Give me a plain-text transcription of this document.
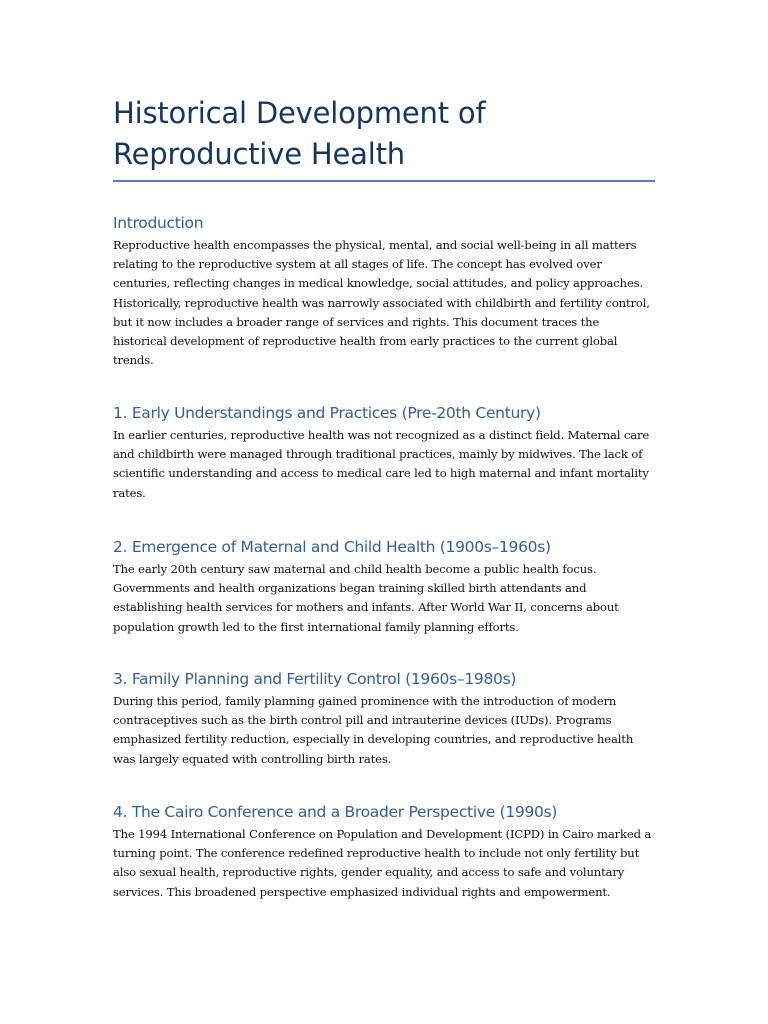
Historical Development of Reproductive Health
Introduction

Reproductive health encompasses the physical, mental, and social well-being in all matters relating to the reproductive system at all stages of life. The concept has evolved over centuries, reflecting changes in medical knowledge, social attitudes, and policy approaches. Historically, reproductive health was narrowly associated with childbirth and fertility control, but it now includes a broader range of services and rights. This document traces the historical development of reproductive health from early practices to the current global trends.

1. Early Understandings and Practices (Pre-20th Century)

In earlier centuries, reproductive health was not recognized as a distinct field. Maternal care and childbirth were managed through traditional practices, mainly by midwives. The lack of scientific understanding and access to medical care led to high maternal and infant mortality rates.

2. Emergence of Maternal and Child Health (1900s–1960s)

The early 20th century saw maternal and child health become a public health focus. Governments and health organizations began training skilled birth attendants and establishing health services for mothers and infants. After World War II, concerns about population growth led to the first international family planning efforts.

3. Family Planning and Fertility Control (1960s–1980s)

During this period, family planning gained prominence with the introduction of modern contraceptives such as the birth control pill and intrauterine devices (IUDs). Programs emphasized fertility reduction, especially in developing countries, and reproductive health was largely equated with controlling birth rates.

4. The Cairo Conference and a Broader Perspective (1990s)

The 1994 International Conference on Population and Development (ICPD) in Cairo marked a turning point. The conference redefined reproductive health to include not only fertility but also sexual health, reproductive rights, gender equality, and access to safe and voluntary services. This broadened perspective emphasized individual rights and empowerment.
